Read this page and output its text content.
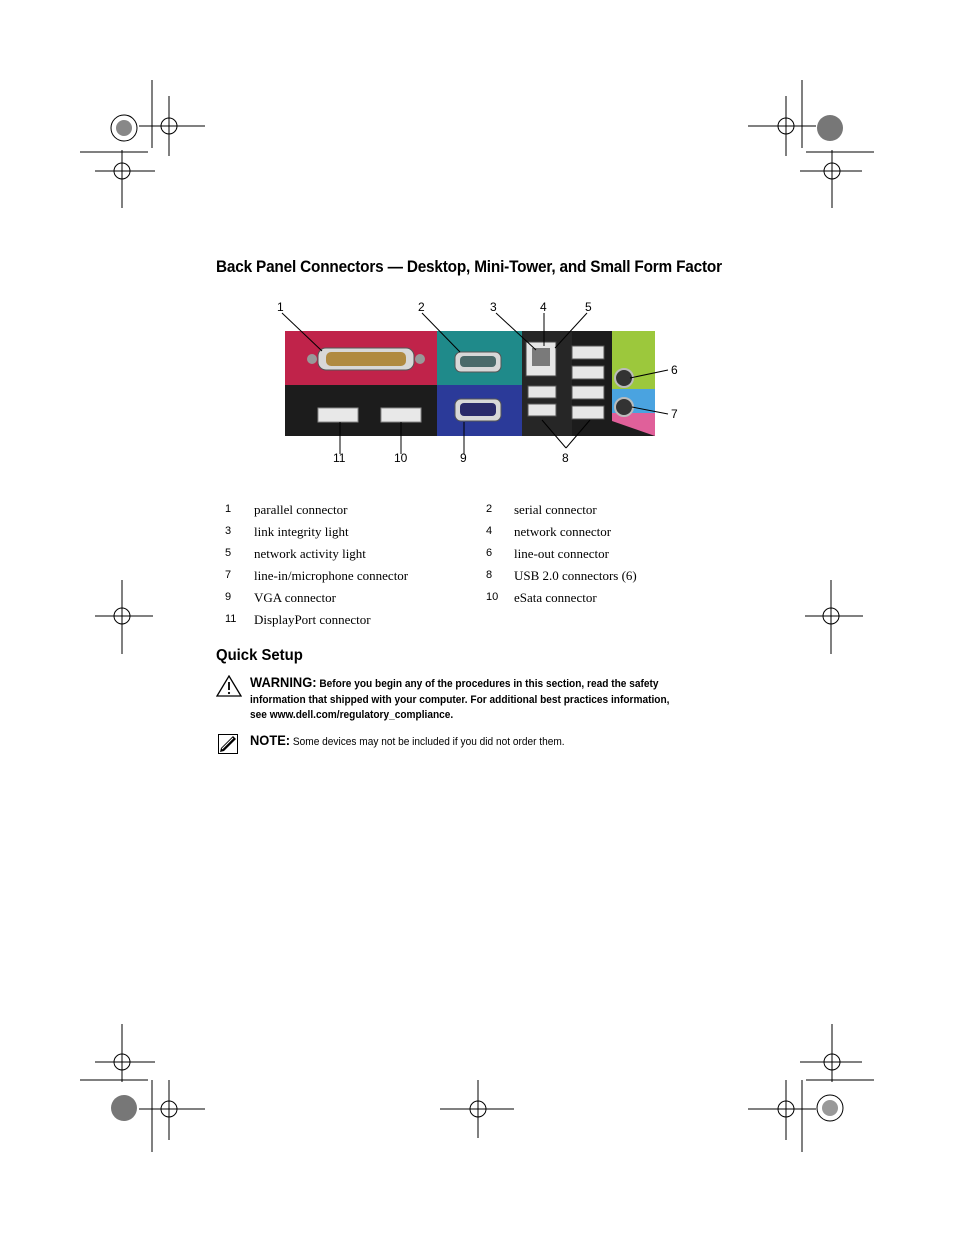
Back Panel Connectors — Desktop, Mini-Tower, and Small Form Factor
1	2	3	4	5
6
7
11	10	9	8
1 parallel connector	2 serial connector
3 link integrity light	4 network connector
5 network activity light	6 line-out connector
7 line-in/microphone connector	8 USB 2.0 connectors (6)
9 VGA connector	10 eSata connector
11 DisplayPort connector
Quick Setup
WARNING: Before you begin any of the procedures in this section, read the safety information that shipped with your computer. For additional best practices information, see www.dell.com/regulatory_compliance.
NOTE: Some devices may not be included if you did not order them.
